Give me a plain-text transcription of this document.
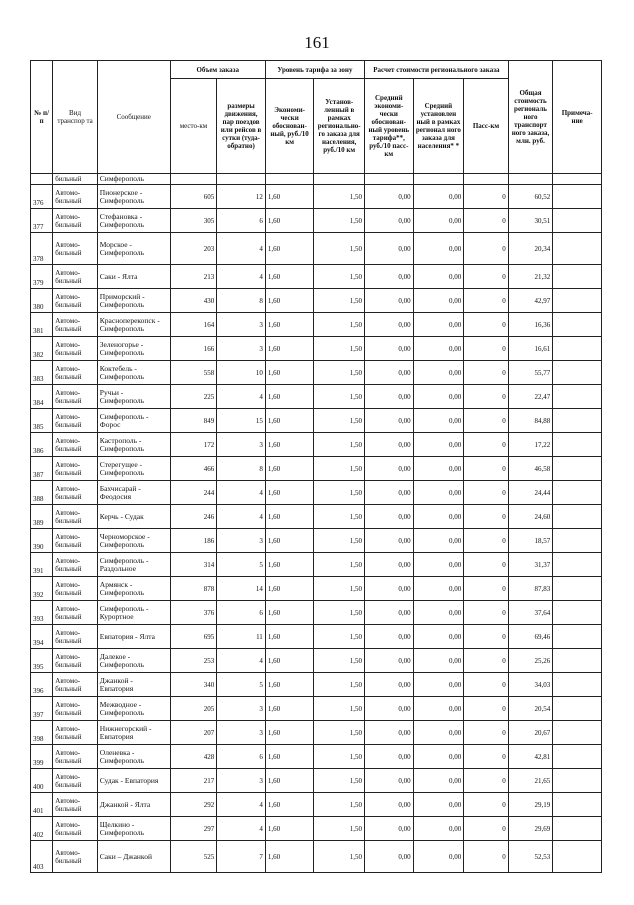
161
№ п/п	Вид транспор та	Сообщение	Объем заказа		Уровень тарифа за зону		Расчет стоимости регионального заказа			Общая стоимость региональ ного транспорт ного заказа, млн. руб.	Примеча- ние
			место-км	размеры движения, пар поездов или рейсов в сутки (туда- обратно)	Экономи- чески обоснован- ный, руб./10 км	Установ- ленный в рамках регионально- го заказа для населения, руб./10 км	Средний экономи- чески обоснован- ный уровень тарифа**, руб./10 пасс-км	Средний установлен ный в рамках регионал ного заказа для населения* *	Пасс-км		
	бильный	Симферополь									
376	Автомо- бильный	Пионерское - Симферополь	605	12	1,60	1,50	0,00	0,00	0	60,52	
377	Автомо- бильный	Стефановка - Симферополь	305	6	1,60	1,50	0,00	0,00	0	30,51	
378	Автомо- бильный	Морское - Симферополь	203	4	1,60	1,50	0,00	0,00	0	20,34	
379	Автомо- бильный	Саки - Ялта	213	4	1,60	1,50	0,00	0,00	0	21,32	
380	Автомо- бильный	Приморский - Симферополь	430	8	1,60	1,50	0,00	0,00	0	42,97	
381	Автомо- бильный	Красноперекопск - Симферополь	164	3	1,60	1,50	0,00	0,00	0	16,36	
382	Автомо- бильный	Зеленогорье - Симферополь	166	3	1,60	1,50	0,00	0,00	0	16,61	
383	Автомо- бильный	Коктебель - Симферополь	558	10	1,60	1,50	0,00	0,00	0	55,77	
384	Автомо- бильный	Ручьи - Симферополь	225	4	1,60	1,50	0,00	0,00	0	22,47	
385	Автомо- бильный	Симферополь - Форос	849	15	1,60	1,50	0,00	0,00	0	84,88	
386	Автомо- бильный	Кастрополь - Симферополь	172	3	1,60	1,50	0,00	0,00	0	17,22	
387	Автомо- бильный	Стерегущее - Симферополь	466	8	1,60	1,50	0,00	0,00	0	46,58	
388	Автомо- бильный	Бахчисарай - Феодосия	244	4	1,60	1,50	0,00	0,00	0	24,44	
389	Автомо- бильный	Керчь - Судак	246	4	1,60	1,50	0,00	0,00	0	24,60	
390	Автомо- бильный	Черноморское - Симферополь	186	3	1,60	1,50	0,00	0,00	0	18,57	
391	Автомо- бильный	Симферополь - Раздольное	314	5	1,60	1,50	0,00	0,00	0	31,37	
392	Автомо- бильный	Армянск - Симферополь	878	14	1,60	1,50	0,00	0,00	0	87,83	
393	Автомо- бильный	Симферополь - Курортное	376	6	1,60	1,50	0,00	0,00	0	37,64	
394	Автомо- бильный	Евпатория - Ялта	695	11	1,60	1,50	0,00	0,00	0	69,46	
395	Автомо- бильный	Далекое - Симферополь	253	4	1,60	1,50	0,00	0,00	0	25,26	
396	Автомо- бильный	Джанкой - Евпатория	340	5	1,60	1,50	0,00	0,00	0	34,03	
397	Автомо- бильный	Межводное - Симферополь	205	3	1,60	1,50	0,00	0,00	0	20,54	
398	Автомо- бильный	Нижнегорский - Евпатория	207	3	1,60	1,50	0,00	0,00	0	20,67	
399	Автомо- бильный	Оленевка - Симферополь	428	6	1,60	1,50	0,00	0,00	0	42,81	
400	Автомо- бильный	Судак - Евпатория	217	3	1,60	1,50	0,00	0,00	0	21,65	
401	Автомо- бильный	Джанкой - Ялта	292	4	1,60	1,50	0,00	0,00	0	29,19	
402	Автомо- бильный	Щелкино - Симферополь	297	4	1,60	1,50	0,00	0,00	0	29,69	
403	Автомо- бильный	Саки – Джанкой	525	7	1,60	1,50	0,00	0,00	0	52,53	
